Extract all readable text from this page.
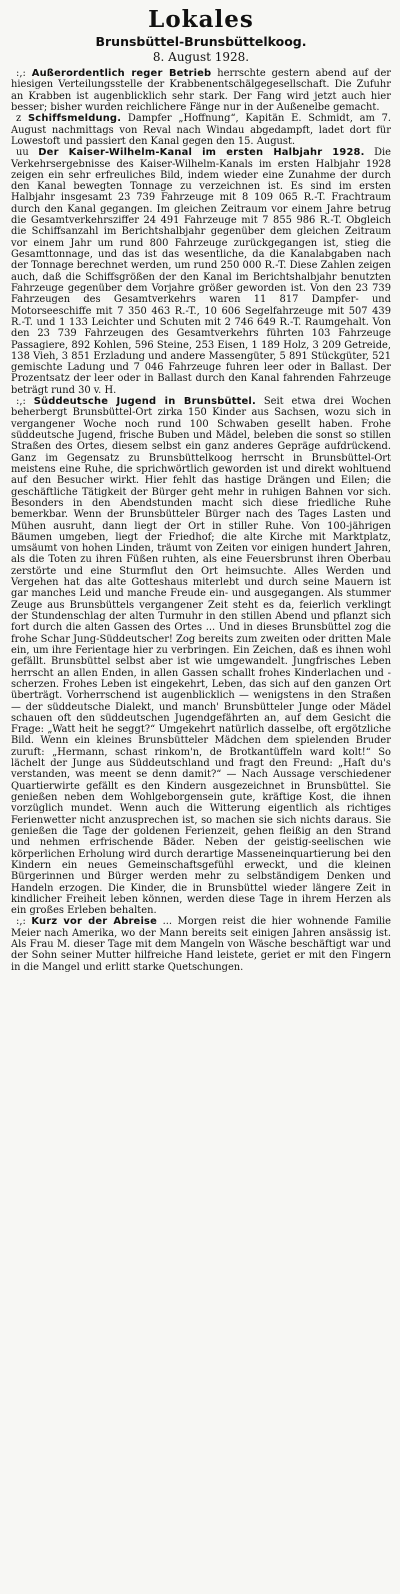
Lokales
Brunsbüttel-Brunsbüttelkoog.
8. August 1928.

:,: Außerordentlich reger Betrieb herrschte gestern abend auf der hiesigen Verteilungsstelle der Krabbenentschälgegesellschaft. Die Zufuhr an Krabben ist augenblicklich sehr stark. Der Fang wird jetzt auch hier besser; bisher wurden reichlichere Fänge nur in der Außenelbe gemacht.

z Schiffsmeldung. Dampfer „Hoffnung“, Kapitän E. Schmidt, am 7. August nachmittags von Reval nach Windau abgedampft, ladet dort für Lowestoft und passiert den Kanal gegen den 15. August.

uu Der Kaiser-Wilhelm-Kanal im ersten Halbjahr 1928. Die Verkehrsergebnisse des Kaiser-Wilhelm-Kanals im ersten Halbjahr 1928 zeigen ein sehr erfreuliches Bild, indem wieder eine Zunahme der durch den Kanal bewegten Tonnage zu verzeichnen ist. Es sind im ersten Halbjahr insgesamt 23 739 Fahrzeuge mit 8 109 065 R.-T. Frachtraum durch den Kanal gegangen. Im gleichen Zeitraum vor einem Jahre betrug die Gesamtverkehrsziffer 24 491 Fahrzeuge mit 7 855 986 R.-T. Obgleich die Schiffsanzahl im Berichtshalbjahr gegenüber dem gleichen Zeitraum vor einem Jahr um rund 800 Fahrzeuge zurückgegangen ist, stieg die Gesamttonnage, und das ist das wesentliche, da die Kanalabgaben nach der Tonnage berechnet werden, um rund 250 000 R.-T. Diese Zahlen zeigen auch, daß die Schiffsgrößen der den Kanal im Berichtshalbjahr benutzten Fahrzeuge gegenüber dem Vorjahre größer geworden ist. Von den 23 739 Fahrzeugen des Gesamtverkehrs waren 11 817 Dampfer- und Motorseeschiffe mit 7 350 463 R.-T., 10 606 Segelfahrzeuge mit 507 439 R.-T. und 1 133 Leichter und Schuten mit 2 746 649 R.-T. Raumgehalt. Von den 23 739 Fahrzeugen des Gesamtverkehrs führten 103 Fahrzeuge Passagiere, 892 Kohlen, 596 Steine, 253 Eisen, 1 189 Holz, 3 209 Getreide, 138 Vieh, 3 851 Erzladung und andere Massengüter, 5 891 Stückgüter, 521 gemischte Ladung und 7 046 Fahrzeuge fuhren leer oder in Ballast. Der Prozentsatz der leer oder in Ballast durch den Kanal fahrenden Fahrzeuge beträgt rund 30 v. H.

:,: Süddeutsche Jugend in Brunsbüttel. Seit etwa drei Wochen beherbergt Brunsbüttel-Ort zirka 150 Kinder aus Sachsen, wozu sich in vergangener Woche noch rund 100 Schwaben gesellt haben. Frohe süddeutsche Jugend, frische Buben und Mädel, beleben die sonst so stillen Straßen des Ortes, diesem selbst ein ganz anderes Gepräge aufdrückend. Ganz im Gegensatz zu Brunsbüttelkoog herrscht in Brunsbüttel-Ort meistens eine Ruhe, die sprichwörtlich geworden ist und direkt wohltuend auf den Besucher wirkt. Hier fehlt das hastige Drängen und Eilen; die geschäftliche Tätigkeit der Bürger geht mehr in ruhigen Bahnen vor sich. Besonders in den Abendstunden macht sich diese friedliche Ruhe bemerkbar. Wenn der Brunsbütteler Bürger nach des Tages Lasten und Mühen ausruht, dann liegt der Ort in stiller Ruhe. Von 100-jährigen Bäumen umgeben, liegt der Friedhof; die alte Kirche mit Marktplatz, umsäumt von hohen Linden, träumt von Zeiten vor einigen hundert Jahren, als die Toten zu ihren Füßen ruhten, als eine Feuersbrunst ihren Oberbau zerstörte und eine Sturmflut den Ort heimsuchte. Alles Werden und Vergehen hat das alte Gotteshaus miterlebt und durch seine Mauern ist gar manches Leid und manche Freude ein- und ausgegangen. Als stummer Zeuge aus Brunsbüttels vergangener Zeit steht es da, feierlich verklingt der Stundenschlag der alten Turmuhr in den stillen Abend und pflanzt sich fort durch die alten Gassen des Ortes ... Und in dieses Brunsbüttel zog die frohe Schar Jung-Süddeutscher! Zog bereits zum zweiten oder dritten Male ein, um ihre Ferientage hier zu verbringen. Ein Zeichen, daß es ihnen wohl gefällt. Brunsbüttel selbst aber ist wie umgewandelt. Jungfrisches Leben herrscht an allen Enden, in allen Gassen schallt frohes Kinderlachen und -scherzen. Frohes Leben ist eingekehrt, Leben, das sich auf den ganzen Ort überträgt. Vorherrschend ist augenblicklich — wenigstens in den Straßen — der süddeutsche Dialekt, und manch' Brunsbütteler Junge oder Mädel schauen oft den süddeutschen Jugendgefährten an, auf dem Gesicht die Frage: „Watt heit he seggt?“ Umgekehrt natürlich dasselbe, oft ergötzliche Bild. Wenn ein kleines Brunsbütteler Mädchen dem spielenden Bruder zuruft: „Hermann, schast rinkom'n, de Brotkantüffeln ward kolt!“ So lächelt der Junge aus Süddeutschland und fragt den Freund: „Haſt du's verstanden, was meent se denn damit?“ — Nach Aussage verschiedener Quartierwirte gefällt es den Kindern ausgezeichnet in Brunsbüttel. Sie genießen neben dem Wohlgeborgensein gute, kräftige Kost, die ihnen vorzüglich mundet. Wenn auch die Witterung eigentlich als richtiges Ferienwetter nicht anzusprechen ist, so machen sie sich nichts daraus. Sie genießen die Tage der goldenen Ferienzeit, gehen fleißig an den Strand und nehmen erfrischende Bäder. Neben der geistig-seelischen wie körperlichen Erholung wird durch derartige Masseneinquartierung bei den Kindern ein neues Gemeinschaftsgefühl erweckt, und die kleinen Bürgerinnen und Bürger werden mehr zu selbständigem Denken und Handeln erzogen. Die Kinder, die in Brunsbüttel wieder längere Zeit in kindlicher Freiheit leben können, werden diese Tage in ihrem Herzen als ein großes Erleben behalten.

:,: Kurz vor der Abreise ... Morgen reist die hier wohnende Familie Meier nach Amerika, wo der Mann bereits seit einigen Jahren ansässig ist. Als Frau M. dieser Tage mit dem Mangeln von Wäsche beschäftigt war und der Sohn seiner Mutter hilfreiche Hand leistete, geriet er mit den Fingern in die Mangel und erlitt starke Quetschungen.
